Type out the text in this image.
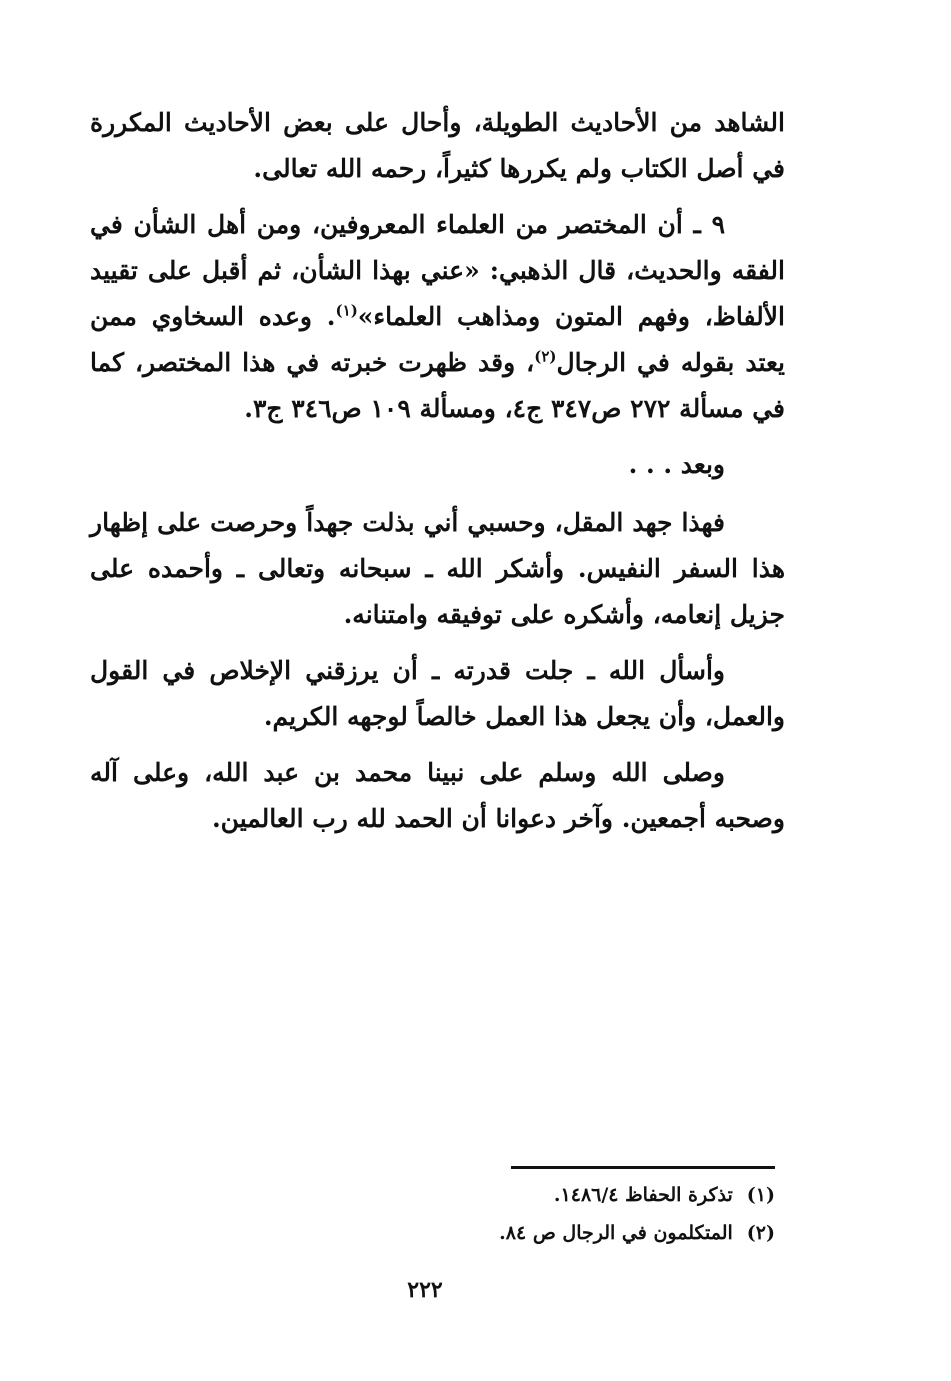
الشاهد من الأحاديث الطويلة، وأحال على بعض الأحاديث المكررة في أصل الكتاب ولم يكررها كثيراً، رحمه الله تعالى.

٩ ـ أن المختصر من العلماء المعروفين، ومن أهل الشأن في الفقه والحديث، قال الذهبي: «عني بهذا الشأن، ثم أقبل على تقييد الألفاظ، وفهم المتون ومذاهب العلماء»$^{(١)}$. وعده السخاوي ممن يعتد بقوله في الرجال$^{(٢)}$، وقد ظهرت خبرته في هذا المختصر، كما في مسألة ٢٧٢ ص٣٤٧ ج٤، ومسألة ١٠٩ ص٣٤٦ ج٣.

وبعد . . .

فهذا جهد المقل، وحسبي أني بذلت جهداً وحرصت على إظهار هذا السفر النفيس. وأشكر الله ـ سبحانه وتعالى ـ وأحمده على جزيل إنعامه، وأشكره على توفيقه وامتنانه.

وأسأل الله ـ جلت قدرته ـ أن يرزقني الإخلاص في القول والعمل، وأن يجعل هذا العمل خالصاً لوجهه الكريم.

وصلى الله وسلم على نبينا محمد بن عبد الله، وعلى آله وصحبه أجمعين. وآخر دعوانا أن الحمد لله رب العالمين.

(١)تذكرة الحفاظ ١٤٨٦/٤.

(٢)المتكلمون في الرجال ص ٨٤.

٢٢٢
